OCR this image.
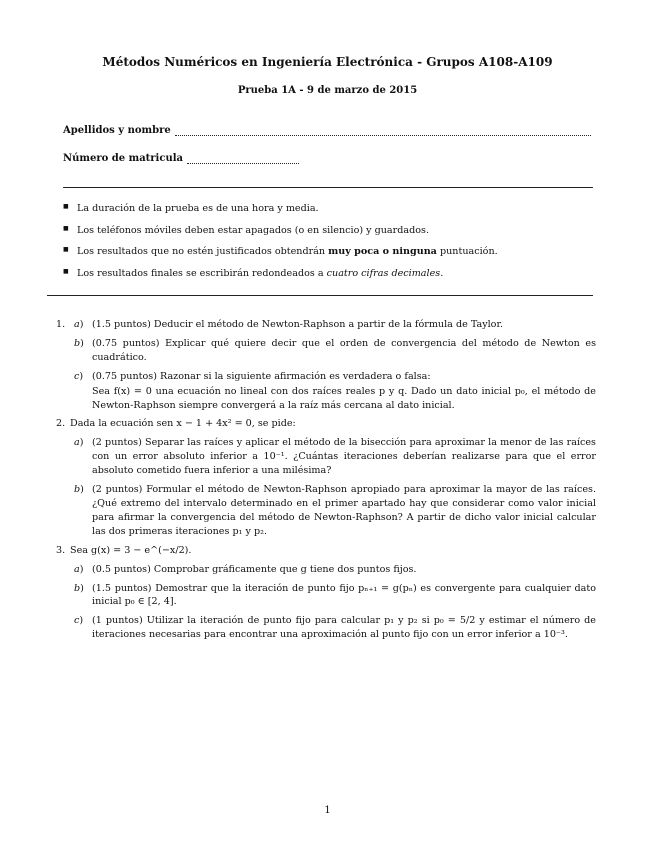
Métodos Numéricos en Ingeniería Electrónica - Grupos A108-A109
Prueba 1A - 9 de marzo de 2015
Apellidos y nombre
Número de matricula
■ La duración de la prueba es de una hora y media.
■ Los teléfonos móviles deben estar apagados (o en silencio) y guardados.
■ Los resultados que no estén justificados obtendrán muy poca o ninguna puntuación.
■ Los resultados finales se escribirán redondeados a cuatro cifras decimales.
1. a) (1.5 puntos) Deducir el método de Newton-Raphson a partir de la fórmula de Taylor.
b) (0.75 puntos) Explicar qué quiere decir que el orden de convergencia del método de Newton es cuadrático.
c) (0.75 puntos) Razonar si la siguiente afirmación es verdadera o falsa:
Sea f(x) = 0 una ecuación no lineal con dos raíces reales p y q. Dado un dato inicial p₀, el método de Newton-Raphson siempre convergerá a la raíz más cercana al dato inicial.
2. Dada la ecuación sen x − 1 + 4x² = 0, se pide:
a) (2 puntos) Separar las raíces y aplicar el método de la bisección para aproximar la menor de las raíces con un error absoluto inferior a 10⁻¹. ¿Cuántas iteraciones deberían realizarse para que el error absoluto cometido fuera inferior a una milésima?
b) (2 puntos) Formular el método de Newton-Raphson apropiado para aproximar la mayor de las raíces. ¿Qué extremo del intervalo determinado en el primer apartado hay que considerar como valor inicial para afirmar la convergencia del método de Newton-Raphson? A partir de dicho valor inicial calcular las dos primeras iteraciones p₁ y p₂.
3. Sea g(x) = 3 − e^(−x/2).
a) (0.5 puntos) Comprobar gráficamente que g tiene dos puntos fijos.
b) (1.5 puntos) Demostrar que la iteración de punto fijo pₙ₊₁ = g(pₙ) es convergente para cualquier dato inicial p₀ ∈ [2, 4].
c) (1 puntos) Utilizar la iteración de punto fijo para calcular p₁ y p₂ si p₀ = 5/2 y estimar el número de iteraciones necesarias para encontrar una aproximación al punto fijo con un error inferior a 10⁻³.
1
